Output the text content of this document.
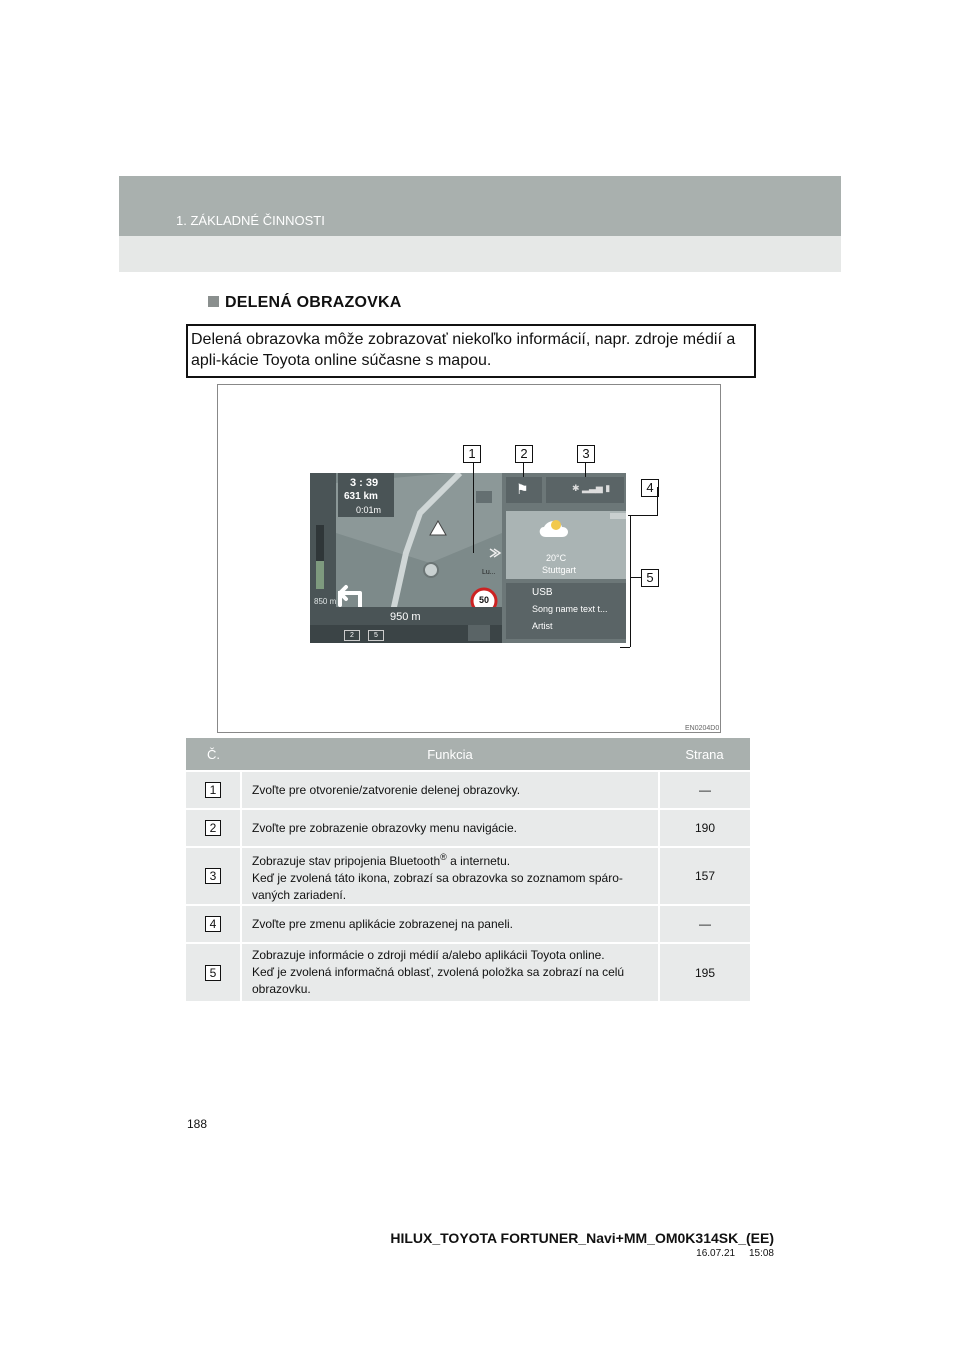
1. ZÁKLADNÉ ČINNOSTI
DELENÁ OBRAZOVKA
Delená obrazovka môže zobrazovať niekoľko informácií, napr. zdroje médií a apli-kácie Toyota online súčasne s mapou.
3 : 39
631 km
0:01m
Lu...
850 m
950 m
50
2	5
⚑	✱ ▂▃▅ ▮
20°C
Stuttgart
USB
Song name text t...
Artist
1	2	3
4
5
EN0204D0
Č.	Funkcia	Strana
1	Zvoľte pre otvorenie/zatvorenie delenej obrazovky.	—
2	Zvoľte pre zobrazenie obrazovky menu navigácie.	190
3	Zobrazuje stav pripojenia Bluetooth® a internetu.
Keď je zvolená táto ikona, zobrazí sa obrazovka so zoznamom spáro-
vaných zariadení.	157
4	Zvoľte pre zmenu aplikácie zobrazenej na paneli.	—
5	Zobrazuje informácie o zdroji médií a/alebo aplikácii Toyota online.
Keď je zvolená informačná oblasť, zvolená položka sa zobrazí na celú
obrazovku.	195
188
HILUX_TOYOTA FORTUNER_Navi+MM_OM0K314SK_(EE)
16.07.21     15:08
